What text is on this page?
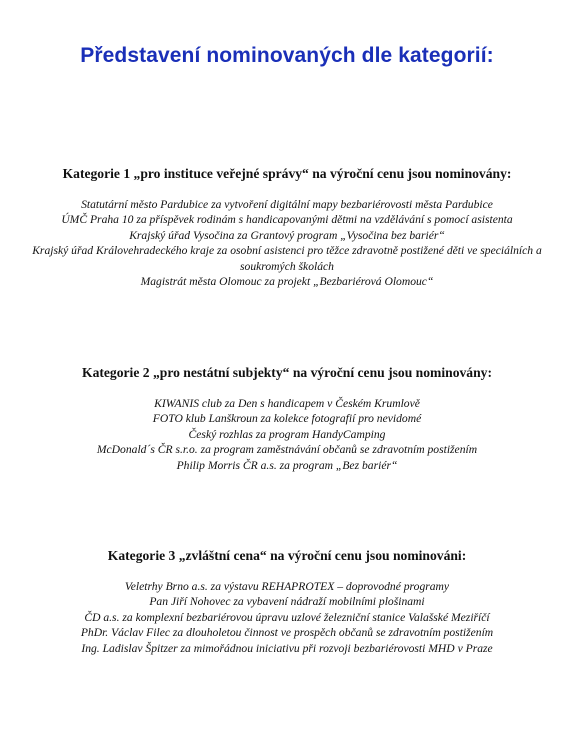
Představení nominovaných dle kategorií:
Kategorie 1 „pro instituce veřejné správy“ na výroční cenu jsou nominovány:
Statutární město Pardubice za vytvoření digitální mapy bezbariérovosti města Pardubice
ÚMČ Praha 10 za příspěvek rodinám s handicapovanými dětmi na vzdělávání s pomocí asistenta
Krajský úřad Vysočina za Grantový program „Vysočina bez bariér“
Krajský úřad Královehradeckého kraje za osobní asistenci pro těžce zdravotně postižené děti ve speciálních a soukromých školách
Magistrát města Olomouc za projekt „Bezbariérová Olomouc“
Kategorie 2 „pro nestátní subjekty“ na výroční cenu jsou nominovány:
KIWANIS club za Den s handicapem v Českém Krumlově
FOTO klub Lanškroun za kolekce fotografií pro nevidomé
Český rozhlas za program HandyCamping
McDonald´s ČR s.r.o. za program zaměstnávání občanů se zdravotním postižením
Philip Morris ČR a.s. za program „Bez bariér“
Kategorie 3 „zvláštní cena“ na výroční cenu jsou nominováni:
Veletrhy Brno a.s. za výstavu REHAPROTEX – doprovodné programy
Pan Jiří Nohovec za vybavení nádraží mobilními plošinami
ČD a.s. za komplexní bezbariérovou úpravu uzlové železniční stanice Valašské Meziříčí
PhDr. Václav Filec za dlouholetou činnost ve prospěch občanů se zdravotním postižením
Ing. Ladislav Špitzer za mimořádnou iniciativu při rozvoji bezbariérovosti MHD v Praze
